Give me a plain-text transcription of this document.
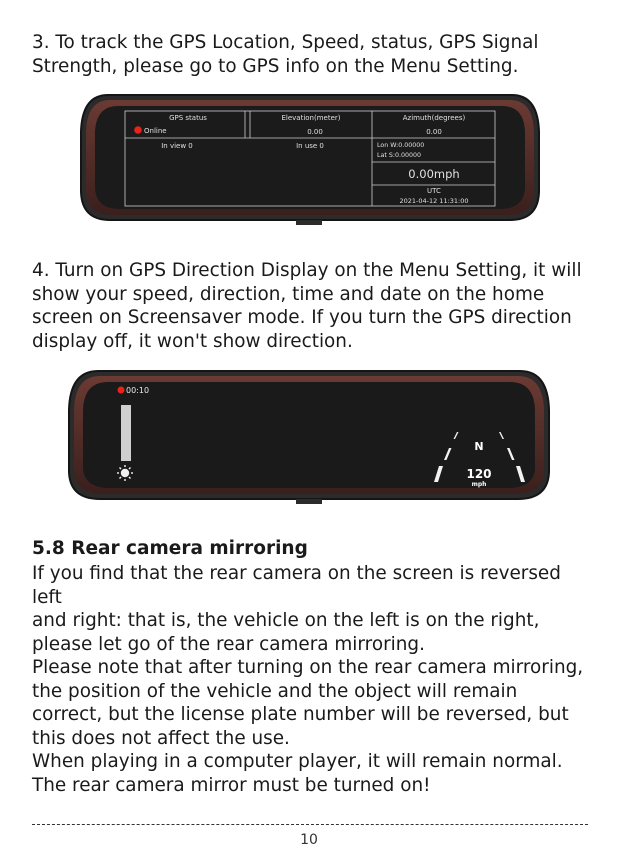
3. To track the GPS Location, Speed, status, GPS Signal
Strength, please go to GPS info on the Menu Setting.

GPS status
Online
Elevation(meter)
0.00
Azimuth(degrees)
0.00
In view 0	In use 0	Lon W:0.00000
Lat S:0.00000
0.00mph
UTC
2021-04-12 11:31:00

4. Turn on GPS Direction Display on the Menu Setting, it will
show your speed, direction, time and date on the home
screen on Screensaver mode. If you turn the GPS direction
display off, it won't show direction.

00:10
N
120
mph

5.8 Rear camera mirroring

If you find that the rear camera on the screen is reversed left
and right: that is, the vehicle on the left is on the right,
please let go of the rear camera mirroring.
Please note that after turning on the rear camera mirroring,
the position of the vehicle and the object will remain
correct, but the license plate number will be reversed, but
this does not affect the use.
When playing in a computer player, it will remain normal.
The rear camera mirror must be turned on!

10
